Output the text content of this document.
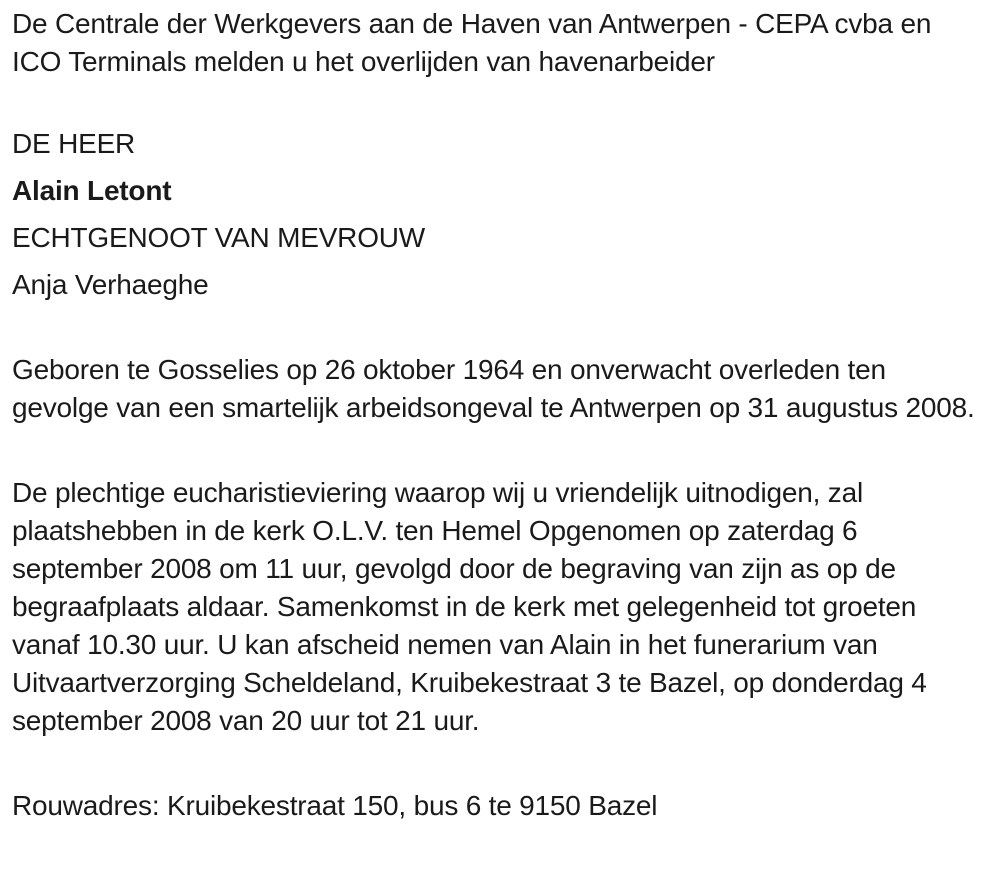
De Centrale der Werkgevers aan de Haven van Antwerpen - CEPA cvba en ICO Terminals melden u het overlijden van havenarbeider

DE HEER

Alain Letont

ECHTGENOOT VAN MEVROUW

Anja Verhaeghe

Geboren te Gosselies op 26 oktober 1964 en onverwacht overleden ten gevolge van een smartelijk arbeidsongeval te Antwerpen op 31 augustus 2008.

De plechtige eucharistieviering waarop wij u vriendelijk uitnodigen, zal plaatshebben in de kerk O.L.V. ten Hemel Opgenomen op zaterdag 6 september 2008 om 11 uur, gevolgd door de begraving van zijn as op de begraafplaats aldaar. Samenkomst in de kerk met gelegenheid tot groeten vanaf 10.30 uur. U kan afscheid nemen van Alain in het funerarium van Uitvaartverzorging Scheldeland, Kruibekestraat 3 te Bazel, op donderdag 4 september 2008 van 20 uur tot 21 uur.

Rouwadres: Kruibekestraat 150, bus 6 te 9150 Bazel
